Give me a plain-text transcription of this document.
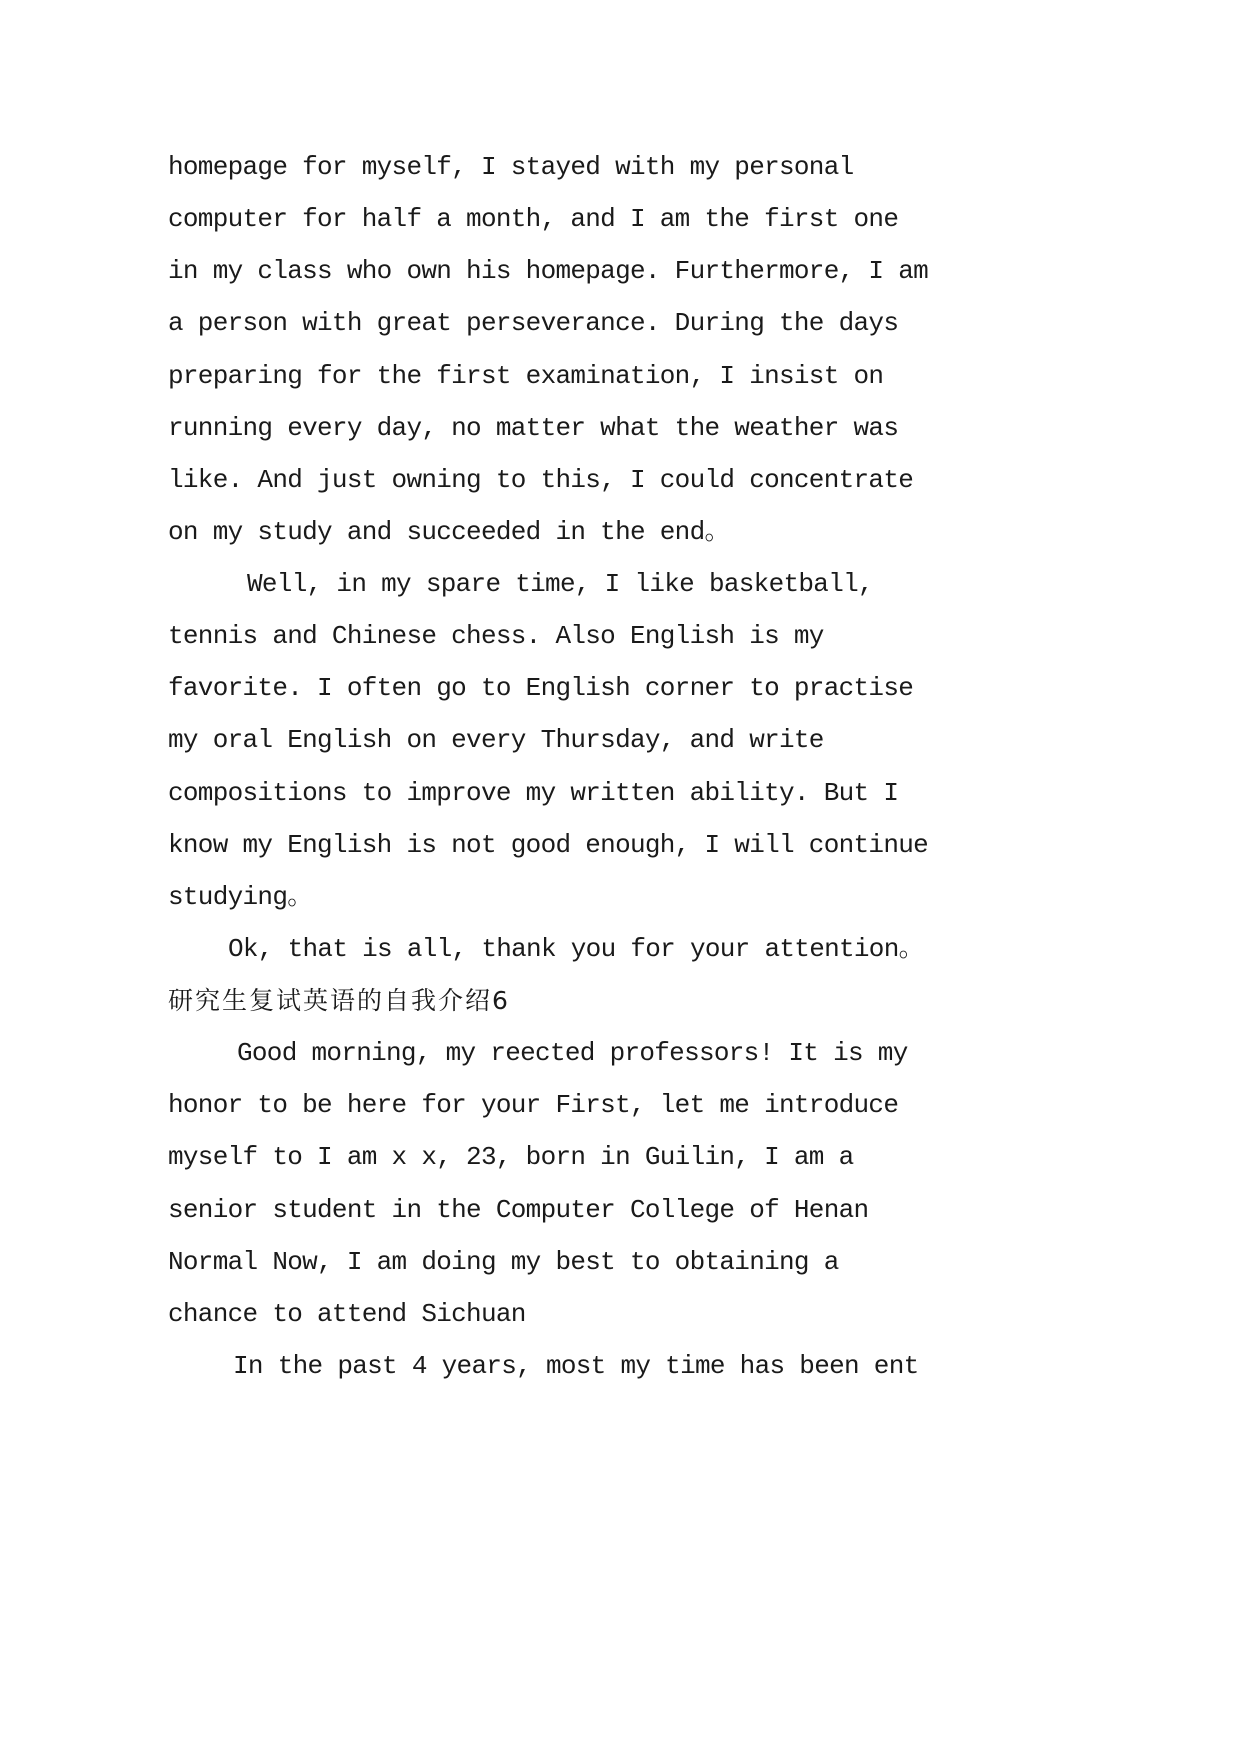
homepage for myself, I stayed with my personal
computer for half a month, and I am the first one
in my class who own his homepage. Furthermore, I am
a person with great perseverance. During the days
preparing for the first examination, I insist on
running every day, no matter what the weather was
like. And just owning to this, I could concentrate
on my study and succeeded in the end。
Well, in my spare time, I like basketball,
tennis and Chinese chess. Also English is my
favorite. I often go to English corner to practise
my oral English on every Thursday, and write
compositions to improve my written ability. But I
know my English is not good enough, I will continue
studying。
Ok, that is all, thank you for your attention。
研究生复试英语的自我介绍6
Good morning, my reected professors! It is my
honor to be here for your First, let me introduce
myself to I am x x, 23, born in Guilin, I am a
senior student in the Computer College of Henan
Normal Now, I am doing my best to obtaining a
chance to attend Sichuan
In the past 4 years, most my time has been ent
